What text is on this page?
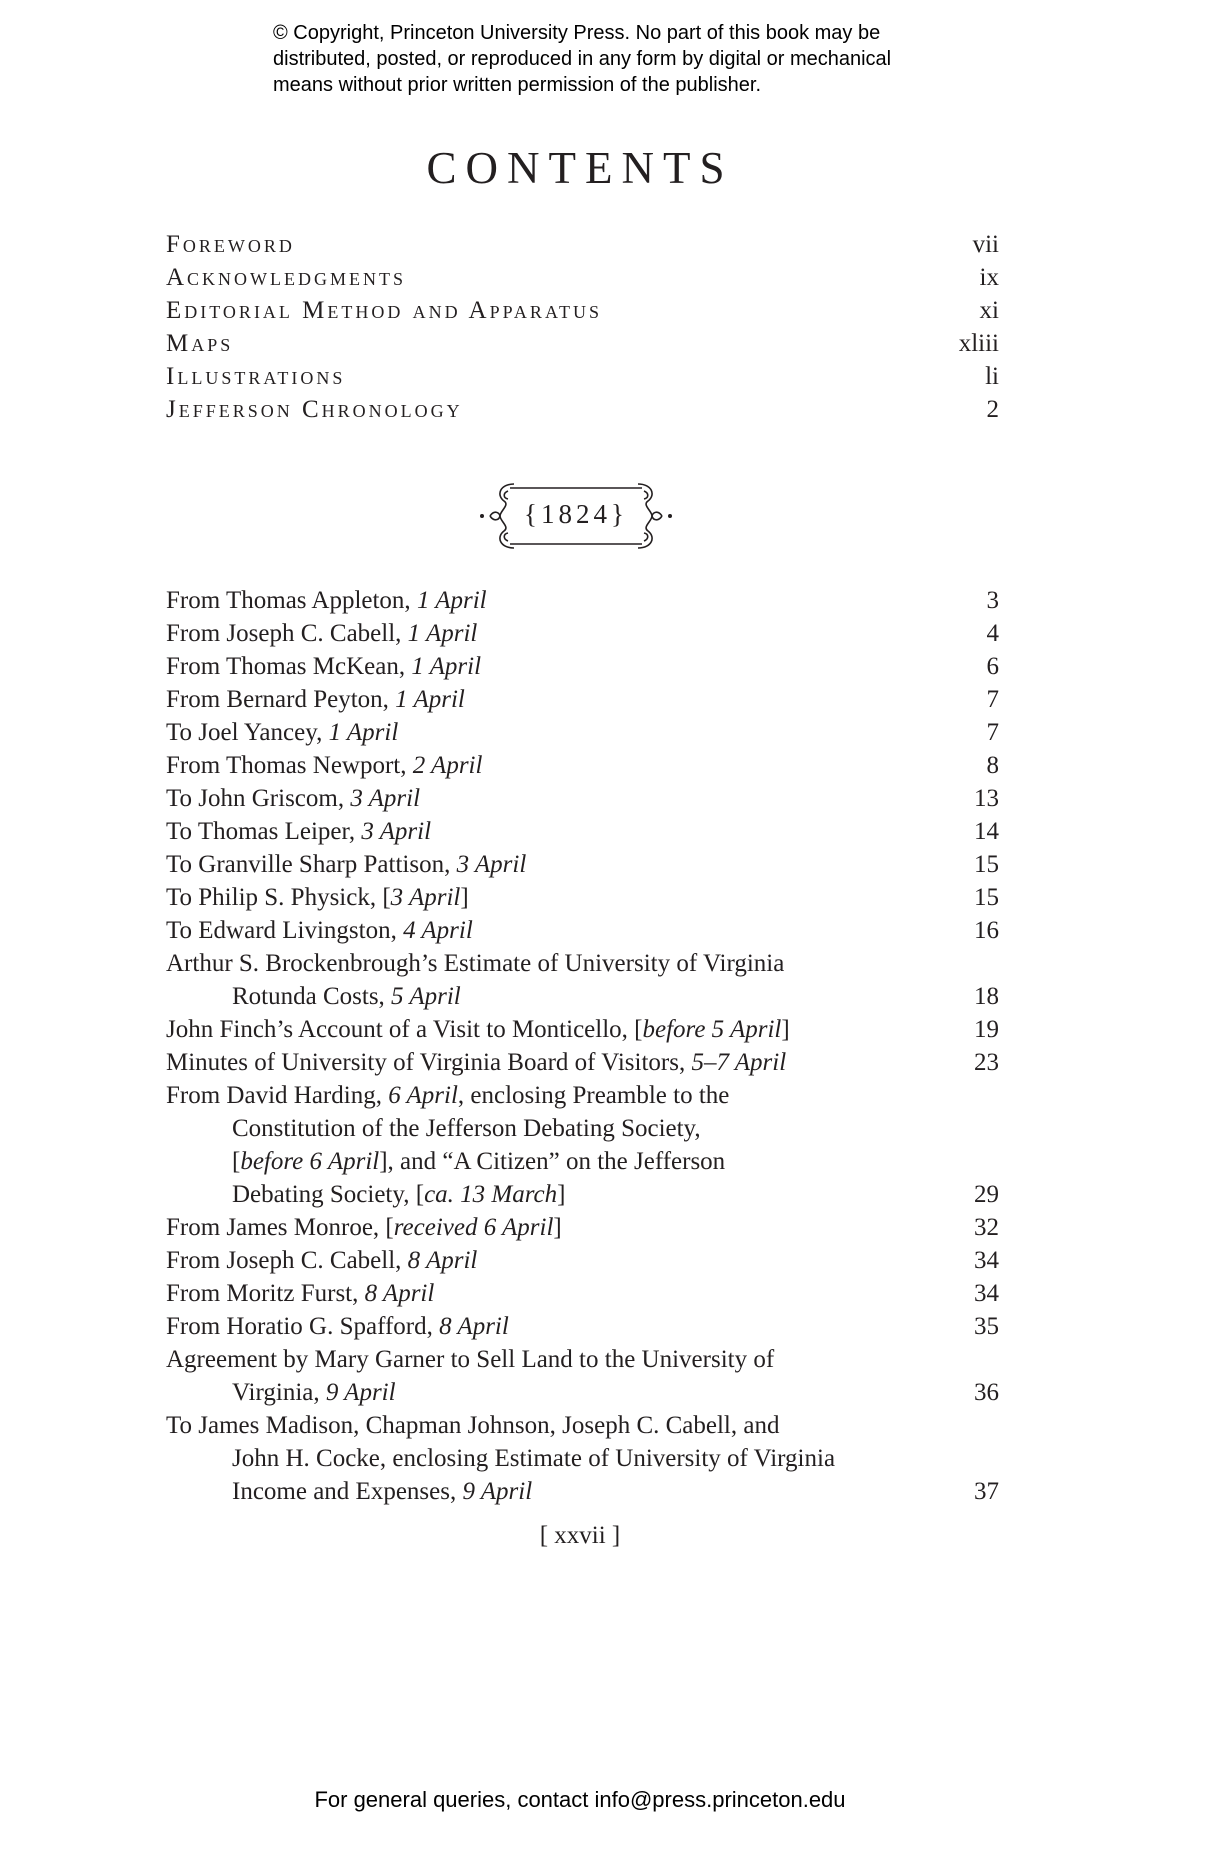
© Copyright, Princeton University Press. No part of this book may be
distributed, posted, or reproduced in any form by digital or mechanical
means without prior written permission of the publisher.
CONTENTS
Foreword	vii
Acknowledgments	ix
Editorial Method and Apparatus	xi
Maps	xliii
Illustrations	li
Jefferson Chronology	2
{1824}
From Thomas Appleton, 1 April	3
From Joseph C. Cabell, 1 April	4
From Thomas McKean, 1 April	6
From Bernard Peyton, 1 April	7
To Joel Yancey, 1 April	7
From Thomas Newport, 2 April	8
To John Griscom, 3 April	13
To Thomas Leiper, 3 April	14
To Granville Sharp Pattison, 3 April	15
To Philip S. Physick, [3 April]	15
To Edward Livingston, 4 April	16
Arthur S. Brockenbrough’s Estimate of University of Virginia
Rotunda Costs, 5 April	18
John Finch’s Account of a Visit to Monticello, [before 5 April]	19
Minutes of University of Virginia Board of Visitors, 5–7 April	23
From David Harding, 6 April, enclosing Preamble to the
Constitution of the Jefferson Debating Society,
[before 6 April], and “A Citizen” on the Jefferson
Debating Society, [ca. 13 March]	29
From James Monroe, [received 6 April]	32
From Joseph C. Cabell, 8 April	34
From Moritz Furst, 8 April	34
From Horatio G. Spafford, 8 April	35
Agreement by Mary Garner to Sell Land to the University of
Virginia, 9 April	36
To James Madison, Chapman Johnson, Joseph C. Cabell, and
John H. Cocke, enclosing Estimate of University of Virginia
Income and Expenses, 9 April	37
[ xxvii ]
For general queries, contact info@press.princeton.edu
